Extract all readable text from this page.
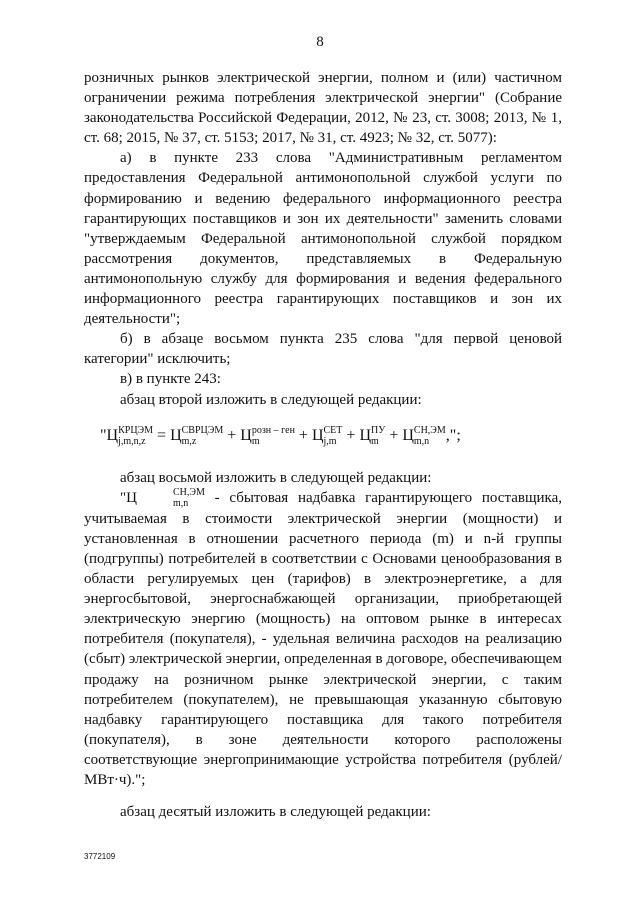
8

розничных рынков электрической энергии, полном и (или) частичном ограничении режима потребления электрической энергии" (Собрание законодательства Российской Федерации, 2012, № 23, ст. 3008; 2013, № 1, ст. 68; 2015, № 37, ст. 5153; 2017, № 31, ст. 4923; № 32, ст. 5077):

а) в пункте 233 слова "Административным регламентом предоставления Федеральной антимонопольной службой услуги по формированию и ведению федерального информационного реестра гарантирующих поставщиков и зон их деятельности" заменить словами "утверждаемым Федеральной антимонопольной службой порядком рассмотрения документов, представляемых в Федеральную антимонопольную службу для формирования и ведения федерального информационного реестра гарантирующих поставщиков и зон их деятельности";

б) в абзаце восьмом пункта 235 слова "для первой ценовой категории" исключить;

в) в пункте 243:

абзац второй изложить в следующей редакции:

"Ц КРЦЭМ
j,m,n,z = Ц СВРЦЭМ
m,z	+ Ц розн – ген
m	+ Ц СЕТ
j,m + Ц ПУ
m + Ц СН,ЭМ
m,n	,";

абзац восьмой изложить в следующей редакции:

"Ц	СН,ЭМ
m,n	- сбытовая надбавка гарантирующего поставщика,

учитываемая в стоимости электрической энергии (мощности) и установленная в отношении расчетного периода (m) и n-й группы (подгруппы) потребителей в соответствии с Основами ценообразования в области регулируемых цен (тарифов) в электроэнергетике, а для энергосбытовой, энергоснабжающей организации, приобретающей электрическую энергию (мощность) на оптовом рынке в интересах потребителя (покупателя), - удельная величина расходов на реализацию (сбыт) электрической энергии, определенная в договоре, обеспечивающем продажу на розничном рынке электрической энергии, с таким потребителем (покупателем), не превышающая указанную сбытовую надбавку гарантирующего поставщика для такого потребителя (покупателя), в зоне деятельности которого расположены соответствующие энергопринимающие устройства потребителя (рублей/МВт·ч).";

абзац десятый изложить в следующей редакции:

3772109
